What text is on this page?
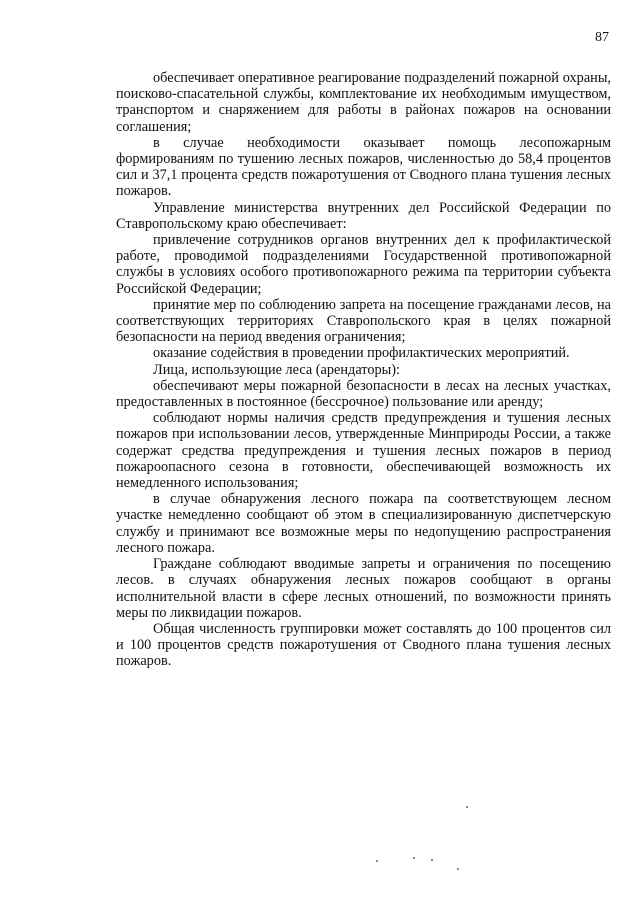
87

обеспечивает оперативное реагирование подразделений пожарной охраны, поисково-спасательной службы, комплектование их необходимым имуществом, транспортом и снаряжением для работы в районах пожаров на основании соглашения;

в случае необходимости оказывает помощь лесопожарным формированиям по тушению лесных пожаров, численностью до 58,4 процентов сил и 37,1 процента средств пожаротушения от Сводного плана тушения лесных пожаров.

Управление министерства внутренних дел Российской Федерации по Ставропольскому краю обеспечивает:

привлечение сотрудников органов внутренних дел к профилактической работе, проводимой подразделениями Государственной противопожарной службы в условиях особого противопожарного режима па территории субъекта Российской Федерации;

принятие мер по соблюдению запрета на посещение гражданами лесов, на соответствующих территориях Ставропольского края в целях пожарной безопасности на период введения ограничения;

оказание содействия в проведении профилактических мероприятий.

Лица, использующие леса (арендаторы):

обеспечивают меры пожарной безопасности в лесах на лесных участках, предоставленных в постоянное (бессрочное) пользование или аренду;

соблюдают нормы наличия средств предупреждения и тушения лесных пожаров при использовании лесов, утвержденные Минприроды России, а также содержат средства предупреждения и тушения лесных пожаров в период пожароопасного сезона в готовности, обеспечивающей возможность их немедленного использования;

в случае обнаружения лесного пожара па соответствующем лесном участке немедленно сообщают об этом в специализированную диспетчерскую службу и принимают все возможные меры по недопущению распространения лесного пожара.

Граждане соблюдают вводимые запреты и ограничения по посещению лесов. в случаях обнаружения лесных пожаров сообщают в органы исполнительной власти в сфере лесных отношений, по возможности принять меры по ликвидации пожаров.

Общая численность группировки может составлять до 100 процентов сил и 100 процентов средств пожаротушения от Сводного плана тушения лесных пожаров.
